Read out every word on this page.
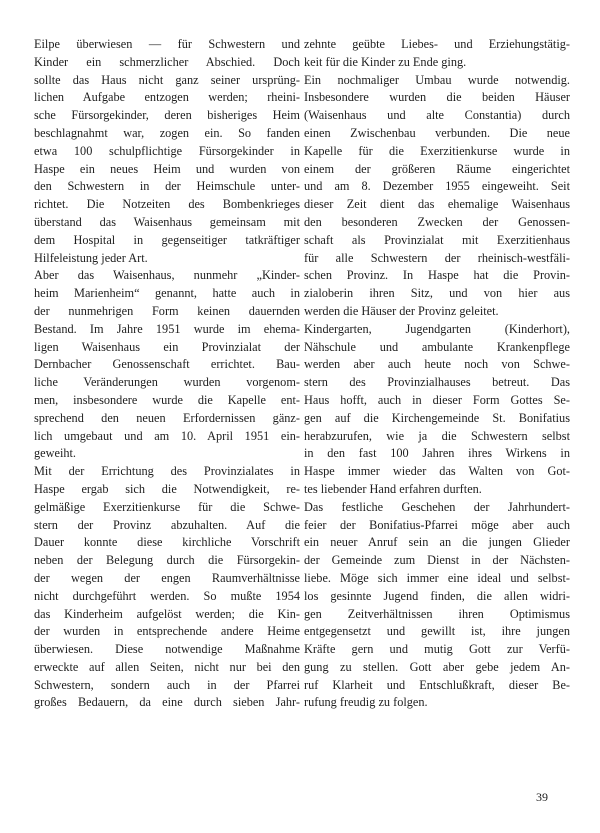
Eilpe überwiesen — für Schwestern und
Kinder ein schmerzlicher Abschied. Doch
sollte das Haus nicht ganz seiner ursprüng-
lichen Aufgabe entzogen werden; rheini-
sche Fürsorgekinder, deren bisheriges Heim
beschlagnahmt war, zogen ein. So fanden
etwa 100 schulpflichtige Fürsorgekinder in
Haspe ein neues Heim und wurden von
den Schwestern in der Heimschule unter-
richtet. Die Notzeiten des Bombenkrieges
überstand das Waisenhaus gemeinsam mit
dem Hospital in gegenseitiger tatkräftiger
Hilfeleistung jeder Art.
Aber das Waisenhaus, nunmehr „Kinder-
heim Marienheim“ genannt, hatte auch in
der nunmehrigen Form keinen dauernden
Bestand. Im Jahre 1951 wurde im ehema-
ligen Waisenhaus ein Provinzialat der
Dernbacher Genossenschaft errichtet. Bau-
liche Veränderungen wurden vorgenom-
men, insbesondere wurde die Kapelle ent-
sprechend den neuen Erfordernissen gänz-
lich umgebaut und am 10. April 1951 ein-
geweiht.
Mit der Errichtung des Provinzialates in
Haspe ergab sich die Notwendigkeit, re-
gelmäßige Exerzitienkurse für die Schwe-
stern der Provinz abzuhalten. Auf die
Dauer konnte diese kirchliche Vorschrift
neben der Belegung durch die Fürsorgekin-
der wegen der engen Raumverhältnisse
nicht durchgeführt werden. So mußte 1954
das Kinderheim aufgelöst werden; die Kin-
der wurden in entsprechende andere Heime
überwiesen. Diese notwendige Maßnahme
erweckte auf allen Seiten, nicht nur bei den
Schwestern, sondern auch in der Pfarrei
großes Bedauern, da eine durch sieben Jahr-
zehnte geübte Liebes- und Erziehungstätig-
keit für die Kinder zu Ende ging.
Ein nochmaliger Umbau wurde notwendig.
Insbesondere wurden die beiden Häuser
(Waisenhaus und alte Constantia) durch
einen Zwischenbau verbunden. Die neue
Kapelle für die Exerzitienkurse wurde in
einem der größeren Räume eingerichtet
und am 8. Dezember 1955 eingeweiht. Seit
dieser Zeit dient das ehemalige Waisenhaus
den besonderen Zwecken der Genossen-
schaft als Provinzialat mit Exerzitienhaus
für alle Schwestern der rheinisch-westfäli-
schen Provinz. In Haspe hat die Provin-
zialoberin ihren Sitz, und von hier aus
werden die Häuser der Provinz geleitet.
Kindergarten, Jugendgarten (Kinderhort),
Nähschule und ambulante Krankenpflege
werden aber auch heute noch von Schwe-
stern des Provinzialhauses betreut. Das
Haus hofft, auch in dieser Form Gottes Se-
gen auf die Kirchengemeinde St. Bonifatius
herabzurufen, wie ja die Schwestern selbst
in den fast 100 Jahren ihres Wirkens in
Haspe immer wieder das Walten von Got-
tes liebender Hand erfahren durften.
Das festliche Geschehen der Jahrhundert-
feier der Bonifatius-Pfarrei möge aber auch
ein neuer Anruf sein an die jungen Glieder
der Gemeinde zum Dienst in der Nächsten-
liebe. Möge sich immer eine ideal und selbst-
los gesinnte Jugend finden, die allen widri-
gen Zeitverhältnissen ihren Optimismus
entgegensetzt und gewillt ist, ihre jungen
Kräfte gern und mutig Gott zur Verfü-
gung zu stellen. Gott aber gebe jedem An-
ruf Klarheit und Entschlußkraft, dieser Be-
rufung freudig zu folgen.
39
